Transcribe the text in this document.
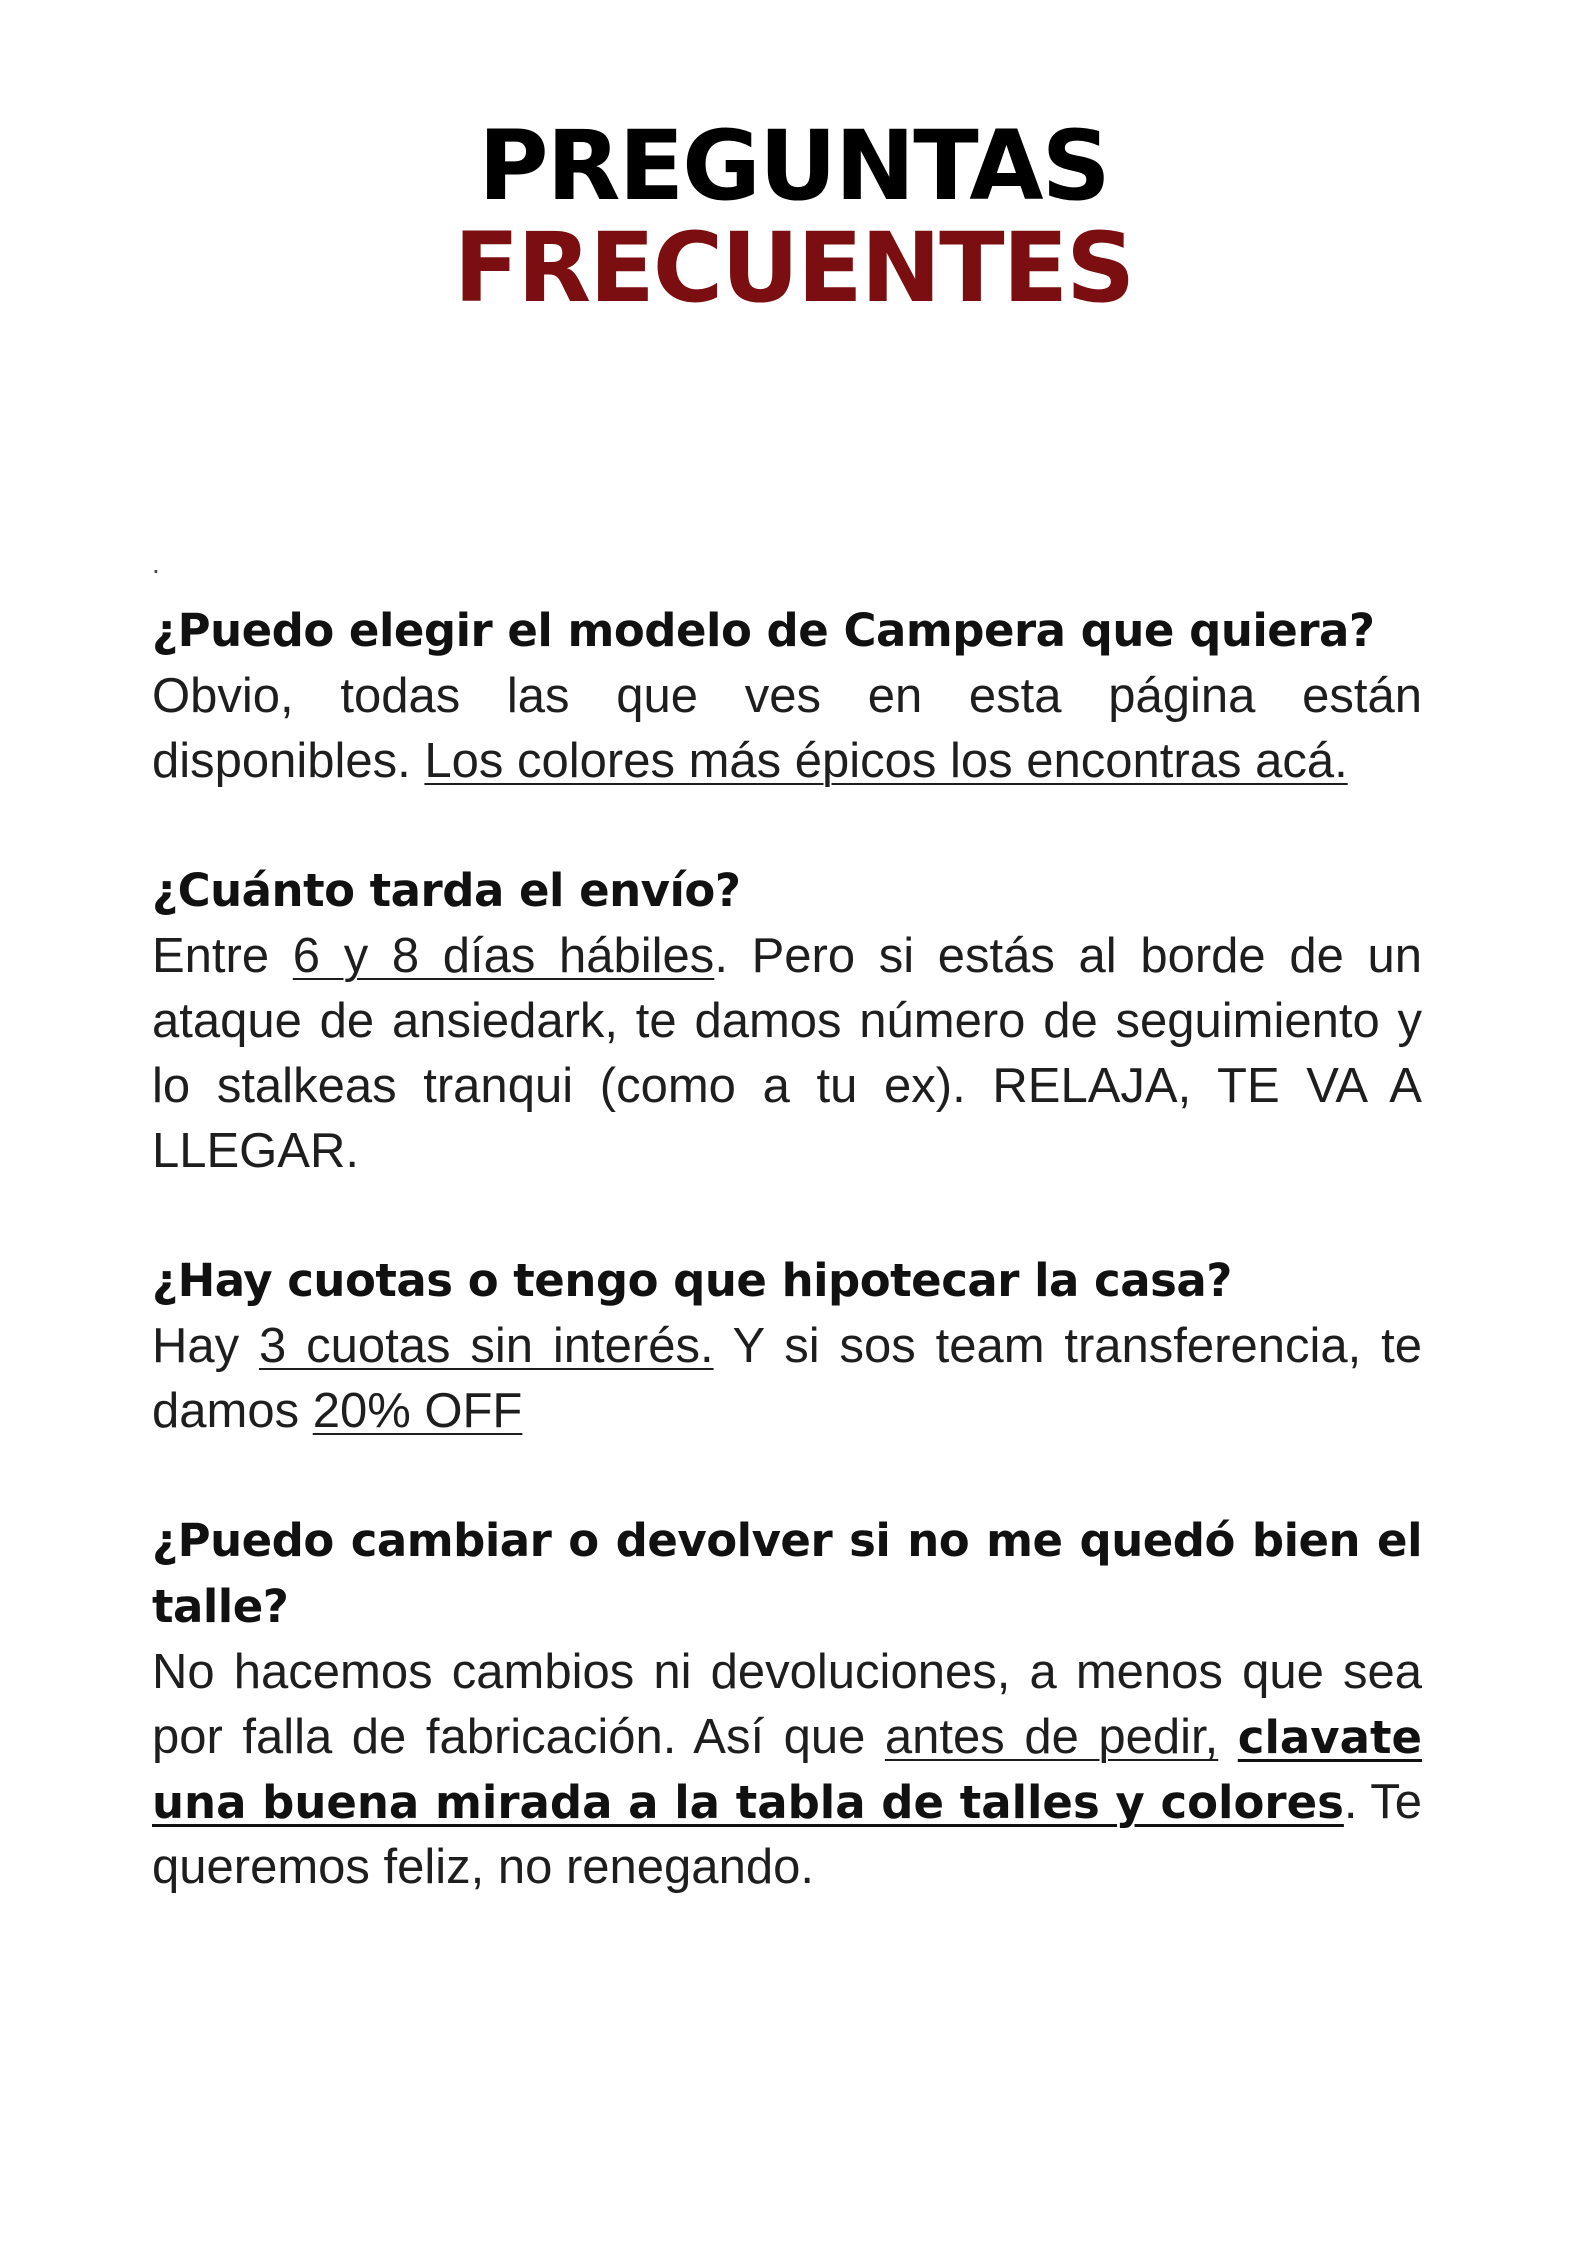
PREGUNTAS
FRECUENTES
.

¿Puedo elegir el modelo de Campera que quiera?

Obvio, todas las que ves en esta página están disponibles. Los colores más épicos los encontras acá.

¿Cuánto tarda el envío?

Entre 6 y 8 días hábiles. Pero si estás al borde de un ataque de ansiedark, te damos número de seguimiento y lo stalkeas tranqui (como a tu ex). RELAJA, TE VA A LLEGAR.

¿Hay cuotas o tengo que hipotecar la casa?

Hay 3 cuotas sin interés. Y si sos team transferencia, te damos 20% OFF

¿Puedo cambiar o devolver si no me quedó bien el talle?

No hacemos cambios ni devoluciones, a menos que sea por falla de fabricación. Así que antes de pedir, clavate una buena mirada a la tabla de talles y colores. Te queremos feliz, no renegando.
